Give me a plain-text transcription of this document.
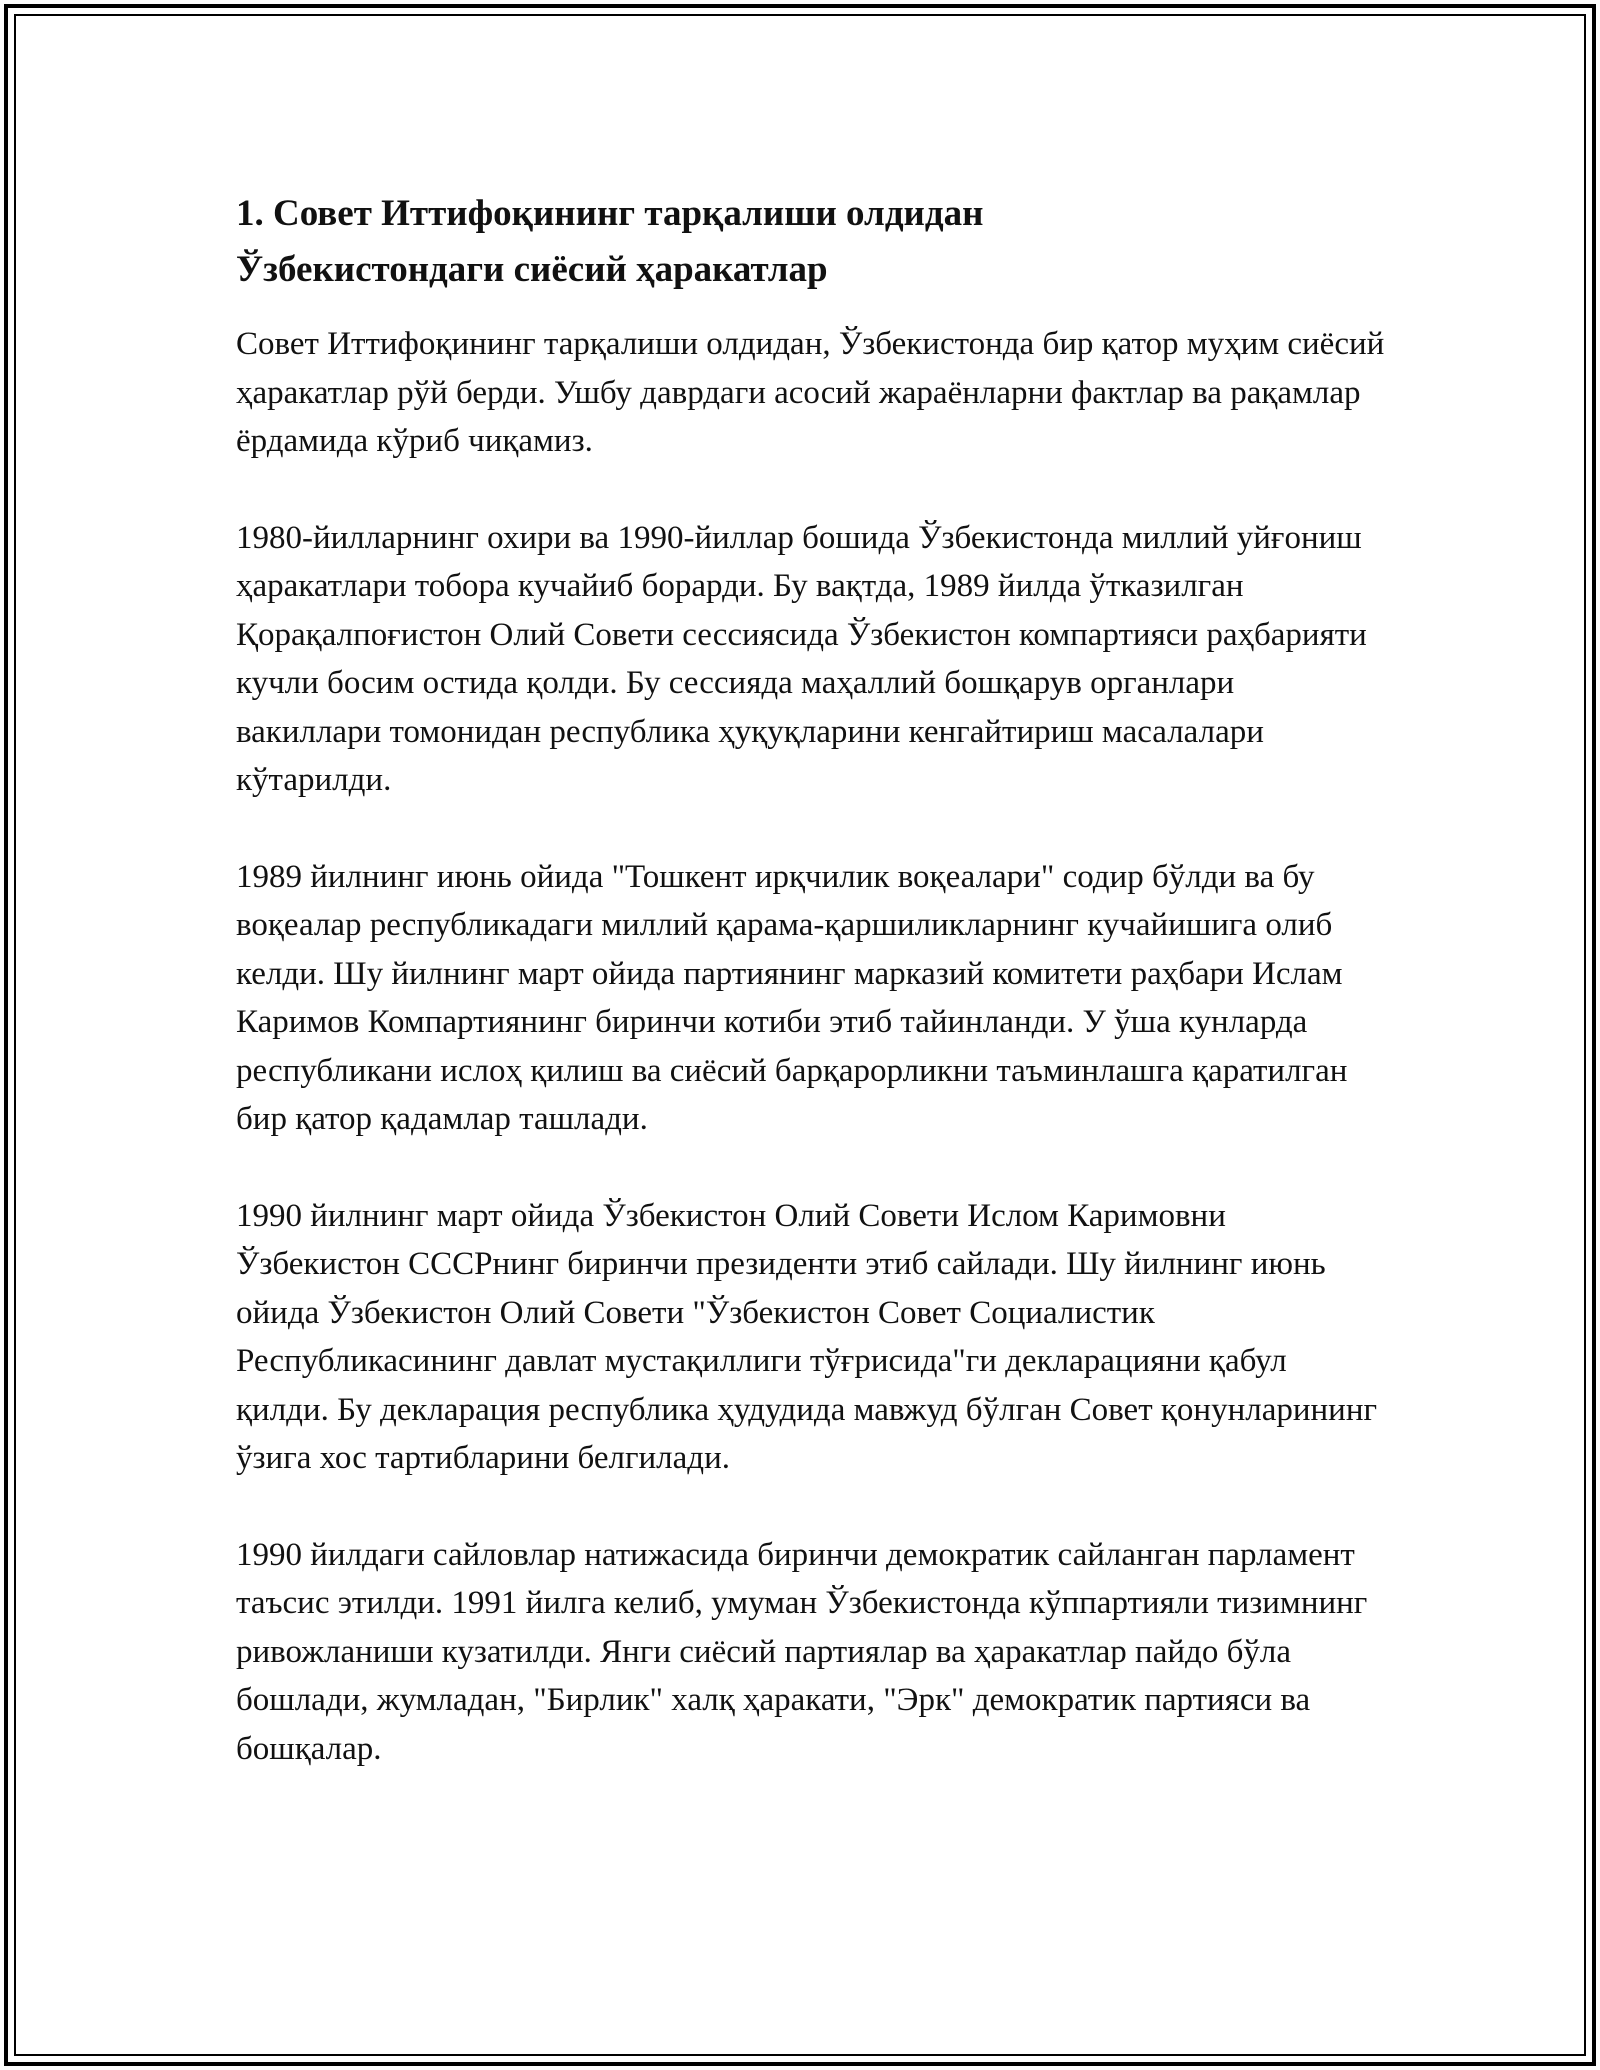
1. Совет Иттифоқининг тарқалиши олдидан
Ўзбекистондаги сиёсий ҳаракатлар

Совет Иттифоқининг тарқалиши олдидан, Ўзбекистонда бир қатор муҳим сиёсий ҳаракатлар рўй берди. Ушбу даврдаги асосий жараёнларни фактлар ва рақамлар ёрдамида кўриб чиқамиз.

1980-йилларнинг охири ва 1990-йиллар бошида Ўзбекистонда миллий уйғониш ҳаракатлари тобора кучайиб борарди. Бу вақтда, 1989 йилда ўтказилган Қорақалпоғистон Олий Совети сессиясида Ўзбекистон компартияси раҳбарияти кучли босим остида қолди. Бу сессияда маҳаллий бошқарув органлари вакиллари томонидан республика ҳуқуқларини кенгайтириш масалалари кўтарилди.

1989 йилнинг июнь ойида "Тошкент ирқчилик воқеалари" содир бўлди ва бу воқеалар республикадаги миллий қарама-қаршиликларнинг кучайишига олиб келди. Шу йилнинг март ойида партиянинг марказий комитети раҳбари Ислам Каримов Компартиянинг биринчи котиби этиб тайинланди. У ўша кунларда республикани ислоҳ қилиш ва сиёсий барқарорликни таъминлашга қаратилган бир қатор қадамлар ташлади.

1990 йилнинг март ойида Ўзбекистон Олий Совети Ислом Каримовни Ўзбекистон СССРнинг биринчи президенти этиб сайлади. Шу йилнинг июнь ойида Ўзбекистон Олий Совети "Ўзбекистон Совет Социалистик Республикасининг давлат мустақиллиги тўғрисида"ги декларацияни қабул қилди. Бу декларация республика ҳудудида мавжуд бўлган Совет қонунларининг ўзига хос тартибларини белгилади.

1990 йилдаги сайловлар натижасида биринчи демократик сайланган парламент таъсис этилди. 1991 йилга келиб, умуман Ўзбекистонда кўппартияли тизимнинг ривожланиши кузатилди. Янги сиёсий партиялар ва ҳаракатлар пайдо бўла бошлади, жумладан, "Бирлик" халқ ҳаракати, "Эрк" демократик партияси ва бошқалар.
